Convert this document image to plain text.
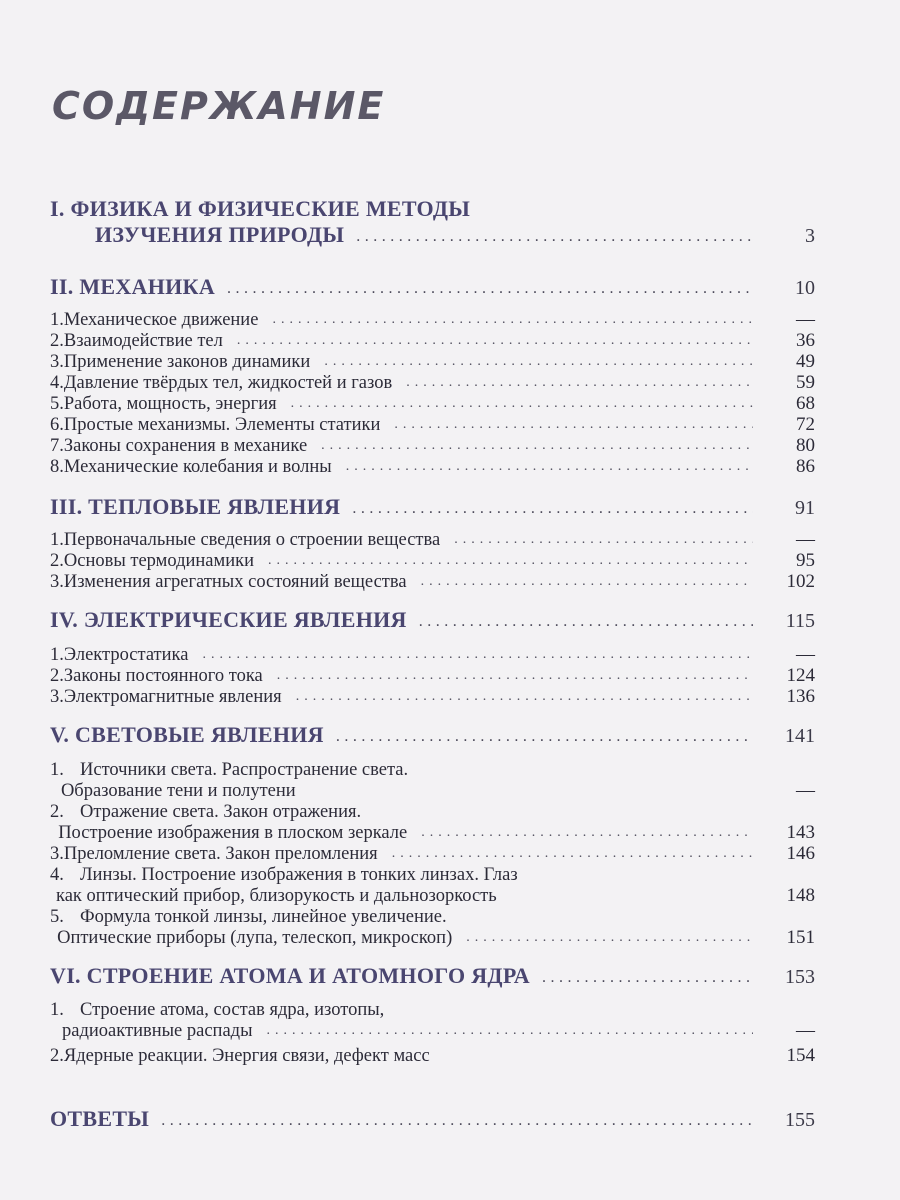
СОДЕРЖАНИЕ
I. ФИЗИКА И ФИЗИЧЕСКИЕ МЕТОДЫ
ИЗУЧЕНИЯ ПРИРОДЫ .....	3
II. МЕХАНИКА .....	10
1. Механическое движение .....	—
2. Взаимодействие тел .....	36
3. Применение законов динамики .....	49
4. Давление твёрдых тел, жидкостей и газов .....	59
5. Работа, мощность, энергия .....	68
6. Простые механизмы. Элементы статики .....	72
7. Законы сохранения в механике .....	80
8. Механические колебания и волны .....	86
III. ТЕПЛОВЫЕ ЯВЛЕНИЯ .....	91
1. Первоначальные сведения о строении вещества .....	—
2. Основы термодинамики .....	95
3. Изменения агрегатных состояний вещества .....	102
IV. ЭЛЕКТРИЧЕСКИЕ ЯВЛЕНИЯ .....	115
1. Электростатика .....	—
2. Законы постоянного тока .....	124
3. Электромагнитные явления .....	136
V. СВЕТОВЫЕ ЯВЛЕНИЯ .....	141
1. Источники света. Распространение света.
Образование тени и полутени	—
2. Отражение света. Закон отражения.
Построение изображения в плоском зеркале .....	143
3. Преломление света. Закон преломления .....	146
4. Линзы. Построение изображения в тонких линзах. Глаз
как оптический прибор, близорукость и дальнозоркость	148
5. Формула тонкой линзы, линейное увеличение.
Оптические приборы (лупа, телескоп, микроскоп) .....	151
VI. СТРОЕНИЕ АТОМА И АТОМНОГО ЯДРА .....	153
1. Строение атома, состав ядра, изотопы,
радиоактивные распады .....	—
2. Ядерные реакции. Энергия связи, дефект масс	154
ОТВЕТЫ .....	155
